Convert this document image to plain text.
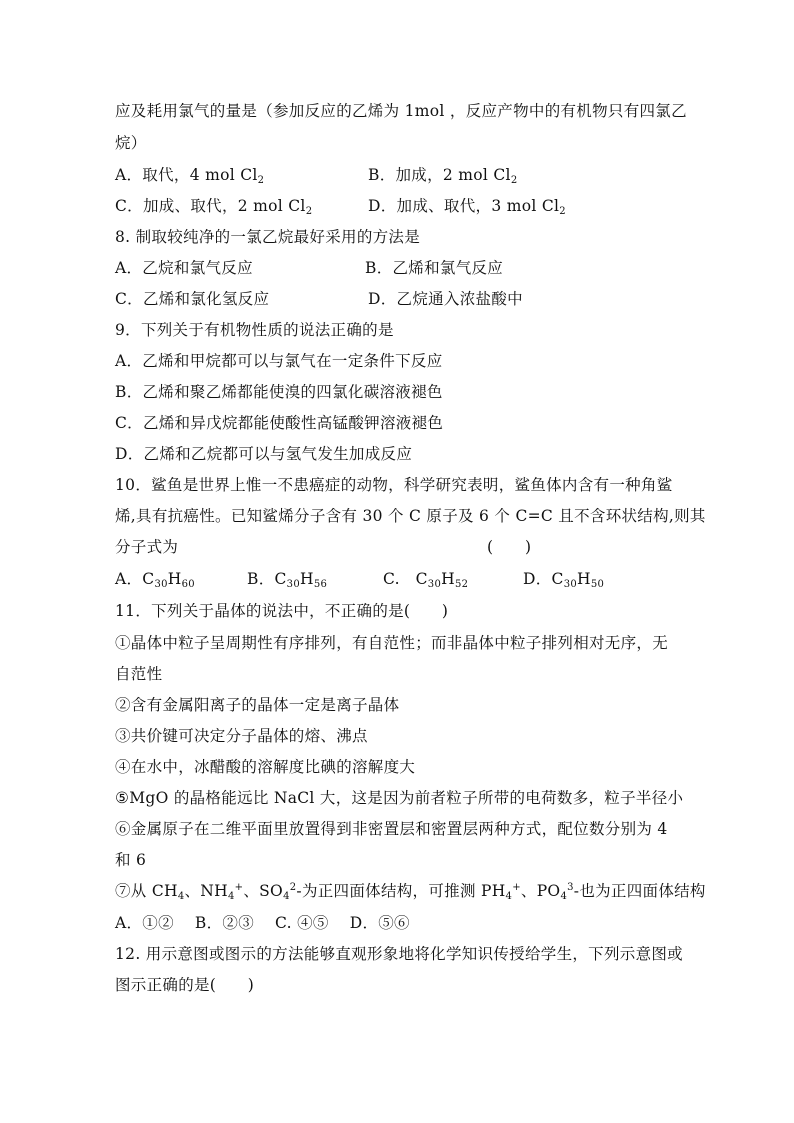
应及耗用氯气的量是（参加反应的乙烯为 1mol ，反应产物中的有机物只有四氯乙
烷）
A．取代，4 mol $Cl_2$	B．加成，2 mol $Cl_2$
C．加成、取代，2 mol $Cl_2$	D．加成、取代，3 mol $Cl_2$
8. 制取较纯净的一氯乙烷最好采用的方法是
A．乙烷和氯气反应	B．乙烯和氯气反应
C．乙烯和氯化氢反应	D．乙烷通入浓盐酸中
9．下列关于有机物性质的说法正确的是
A．乙烯和甲烷都可以与氯气在一定条件下反应
B．乙烯和聚乙烯都能使溴的四氯化碳溶液褪色
C．乙烯和异戊烷都能使酸性高锰酸钾溶液褪色
D．乙烯和乙烷都可以与氢气发生加成反应
10．鲨鱼是世界上惟一不患癌症的动物，科学研究表明，鲨鱼体内含有一种角鲨
烯,具有抗癌性。已知鲨烯分子含有 30 个 C 原子及 6 个 C=C 且不含环状结构,则其
分子式为	(　　)
A．$C_{30}H_{60}$	B．$C_{30}H_{56}$	C.　$C_{30}H_{52}$	D．$C_{30}H_{50}$
11．下列关于晶体的说法中，不正确的是(　　)
①晶体中粒子呈周期性有序排列，有自范性；而非晶体中粒子排列相对无序，无
自范性
②含有金属阳离子的晶体一定是离子晶体
③共价键可决定分子晶体的熔、沸点
④在水中，冰醋酸的溶解度比碘的溶解度大
⑤MgO 的晶格能远比 NaCl 大，这是因为前者粒子所带的电荷数多，粒子半径小
⑥金属原子在二维平面里放置得到非密置层和密置层两种方式，配位数分别为 4
和 6
⑦从 $CH_4$、$NH_4^+$、$SO_4^2-$为正四面体结构，可推测 $PH_4^+$、$PO_4^3-$也为正四面体结构
A．①②　 B．②③　 C. ④⑤　 D．⑤⑥
12. 用示意图或图示的方法能够直观形象地将化学知识传授给学生，下列示意图或
图示正确的是(　　)
